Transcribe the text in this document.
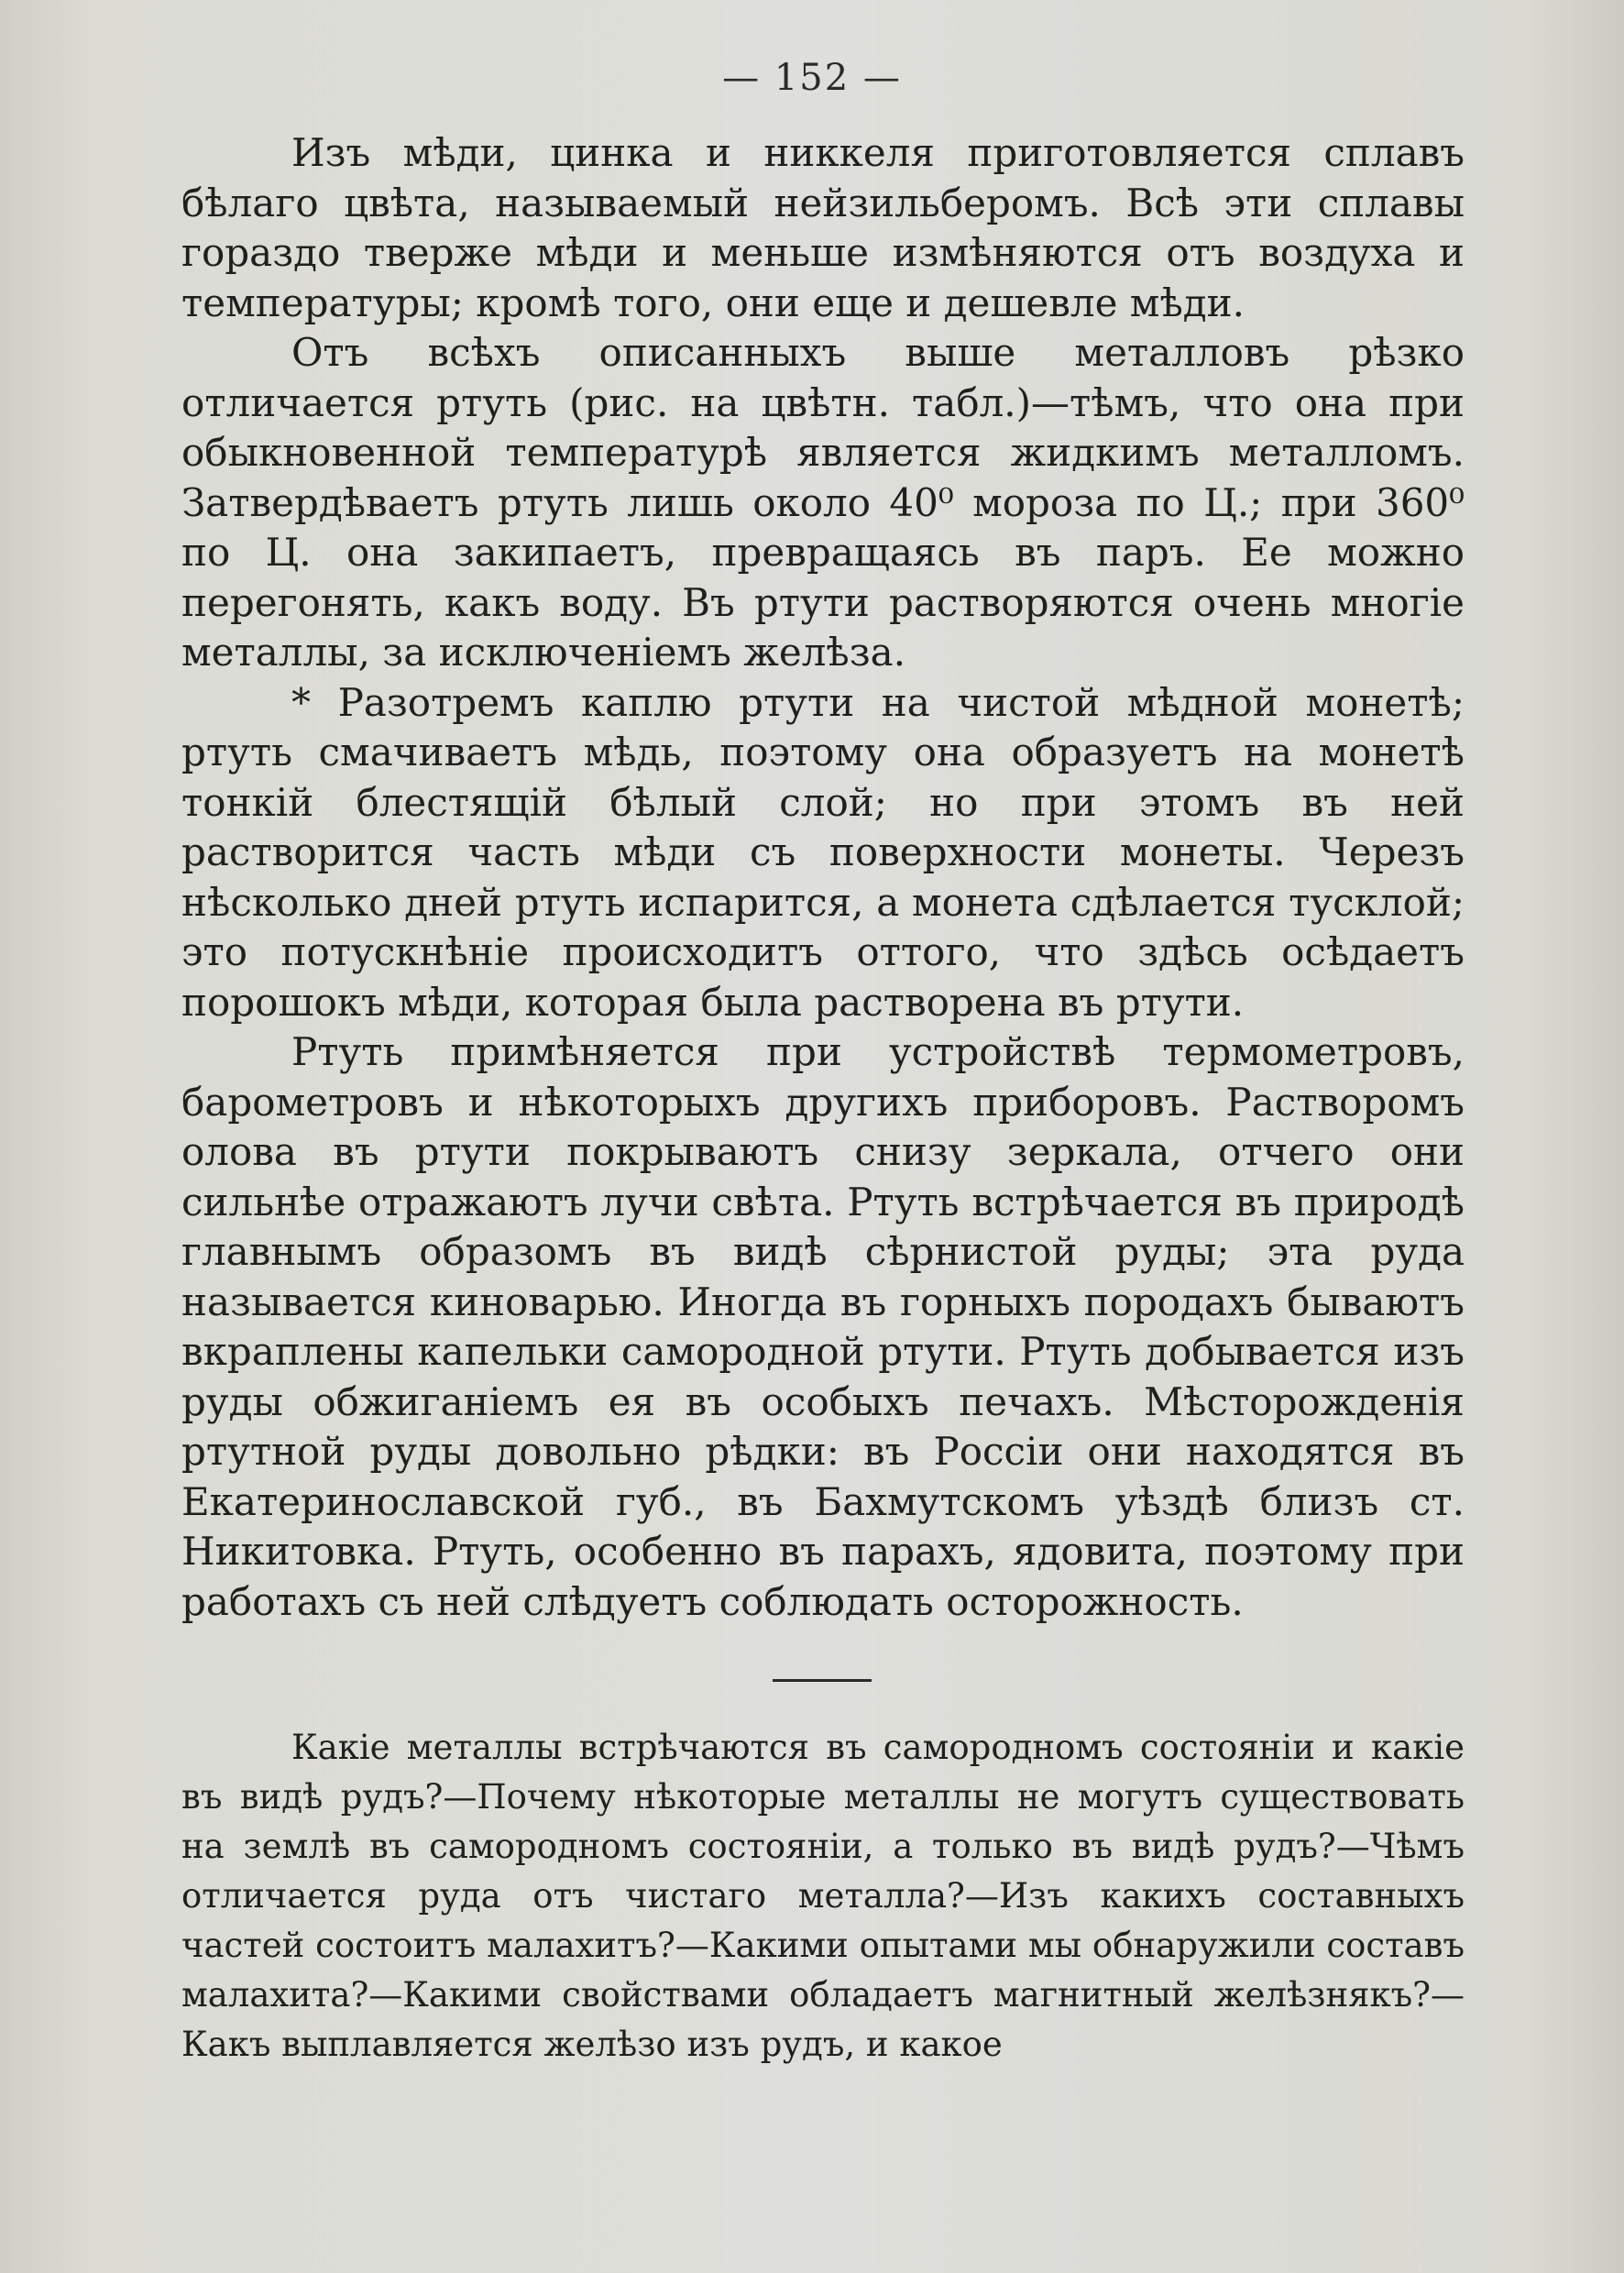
— 152 —

Изъ мѣди, цинка и никкеля приготовляется сплавъ бѣлаго цвѣта, называемый нейзильберомъ. Всѣ эти сплавы гораздо тверже мѣди и меньше измѣняются отъ воздуха и температуры; кромѣ того, они еще и дешевле мѣди.

Отъ всѣхъ описанныхъ выше металловъ рѣзко отличается ртуть (рис. на цвѣтн. табл.)—тѣмъ, что она при обыкновенной температурѣ является жидкимъ металломъ. Затвердѣваетъ ртуть лишь около 40⁰ мороза по Ц.; при 360⁰ по Ц. она закипаетъ, превращаясь въ паръ. Ее можно перегонять, какъ воду. Въ ртути растворяются очень многіе металлы, за исключеніемъ желѣза.

* Разотремъ каплю ртути на чистой мѣдной монетѣ; ртуть смачиваетъ мѣдь, поэтому она образуетъ на монетѣ тонкій блестящій бѣлый слой; но при этомъ въ ней растворится часть мѣди съ поверхности монеты. Черезъ нѣсколько дней ртуть испарится, а монета сдѣлается тусклой; это потускнѣніе происходитъ оттого, что здѣсь осѣдаетъ порошокъ мѣди, которая была растворена въ ртути.

Ртуть примѣняется при устройствѣ термометровъ, барометровъ и нѣкоторыхъ другихъ приборовъ. Растворомъ олова въ ртути покрываютъ снизу зеркала, отчего они сильнѣе отражаютъ лучи свѣта. Ртуть встрѣчается въ природѣ главнымъ образомъ въ видѣ сѣрнистой руды; эта руда называется киноварью. Иногда въ горныхъ породахъ бываютъ вкраплены капельки самородной ртути. Ртуть добывается изъ руды обжиганіемъ ея въ особыхъ печахъ. Мѣсторожденія ртутной руды довольно рѣдки: въ Россіи они находятся въ Екатеринославской губ., въ Бахмутскомъ уѣздѣ близъ ст. Никитовка. Ртуть, особенно въ парахъ, ядовита, поэтому при работахъ съ ней слѣдуетъ соблюдать осторожность.

Какіе металлы встрѣчаются въ самородномъ состояніи и какіе въ видѣ рудъ?—Почему нѣкоторые металлы не могутъ существовать на землѣ въ самородномъ состояніи, а только въ видѣ рудъ?—Чѣмъ отличается руда отъ чистаго металла?—Изъ какихъ составныхъ частей состоитъ малахитъ?—Какими опытами мы обнаружили составъ малахита?—Какими свойствами обладаетъ магнитный желѣзнякъ?—Какъ выплавляется желѣзо изъ рудъ, и какое
